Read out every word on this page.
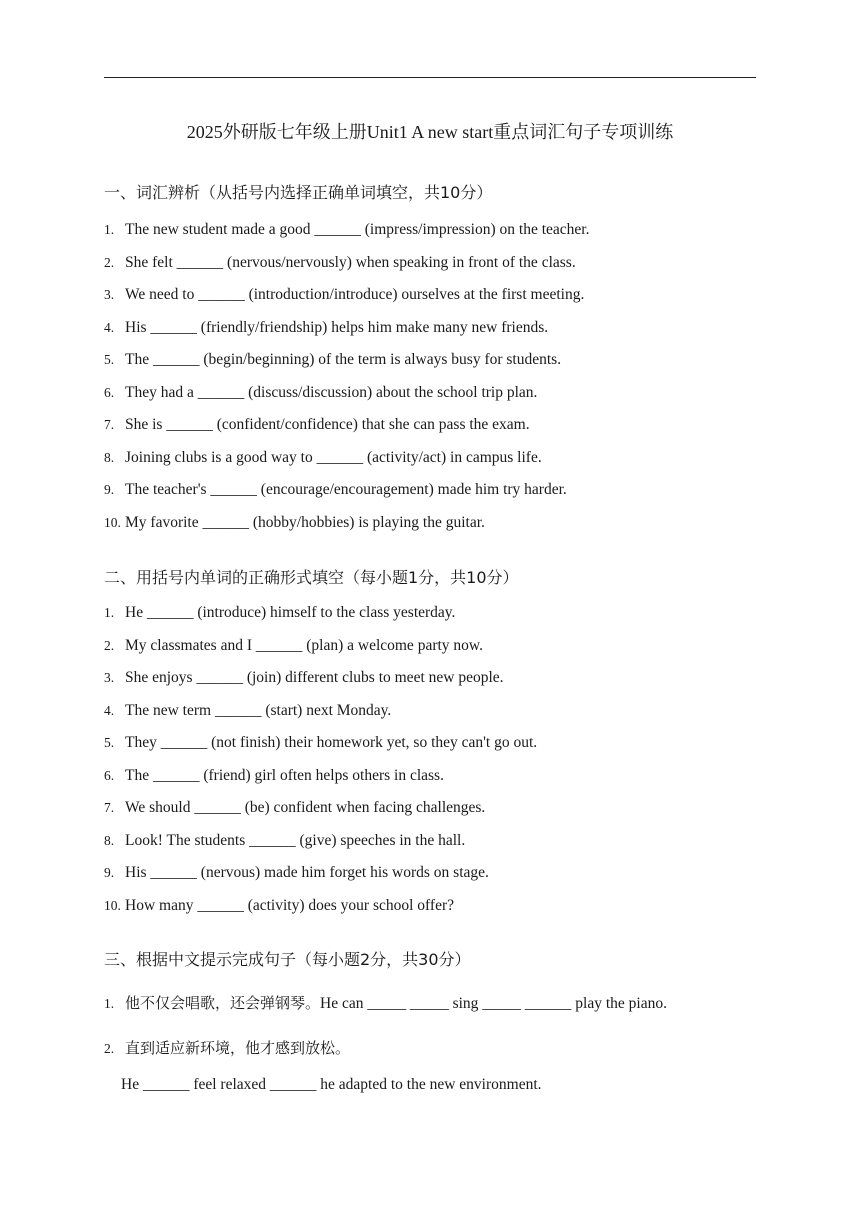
2025外研版七年级上册Unit1 A new start重点词汇句子专项训练
一、词汇辨析（从括号内选择正确单词填空，共10分）
1. The new student made a good ______ (impress/impression) on the teacher.
2. She felt ______ (nervous/nervously) when speaking in front of the class.
3. We need to ______ (introduction/introduce) ourselves at the first meeting.
4. His ______ (friendly/friendship) helps him make many new friends.
5. The ______ (begin/beginning) of the term is always busy for students.
6. They had a ______ (discuss/discussion) about the school trip plan.
7. She is ______ (confident/confidence) that she can pass the exam.
8. Joining clubs is a good way to ______ (activity/act) in campus life.
9. The teacher's ______ (encourage/encouragement) made him try harder.
10. My favorite ______ (hobby/hobbies) is playing the guitar.
二、用括号内单词的正确形式填空（每小题1分，共10分）
1. He ______ (introduce) himself to the class yesterday.
2. My classmates and I ______ (plan) a welcome party now.
3. She enjoys ______ (join) different clubs to meet new people.
4. The new term ______ (start) next Monday.
5. They ______ (not finish) their homework yet, so they can't go out.
6. The ______ (friend) girl often helps others in class.
7. We should ______ (be) confident when facing challenges.
8. Look! The students ______ (give) speeches in the hall.
9. His ______ (nervous) made him forget his words on stage.
10. How many ______ (activity) does your school offer?
三、根据中文提示完成句子（每小题2分，共30分）
1. 他不仅会唱歌，还会弹钢琴。He can _____ _____ sing _____ ______ play the piano.
2. 直到适应新环境，他才感到放松。
He ______ feel relaxed ______ he adapted to the new environment.
